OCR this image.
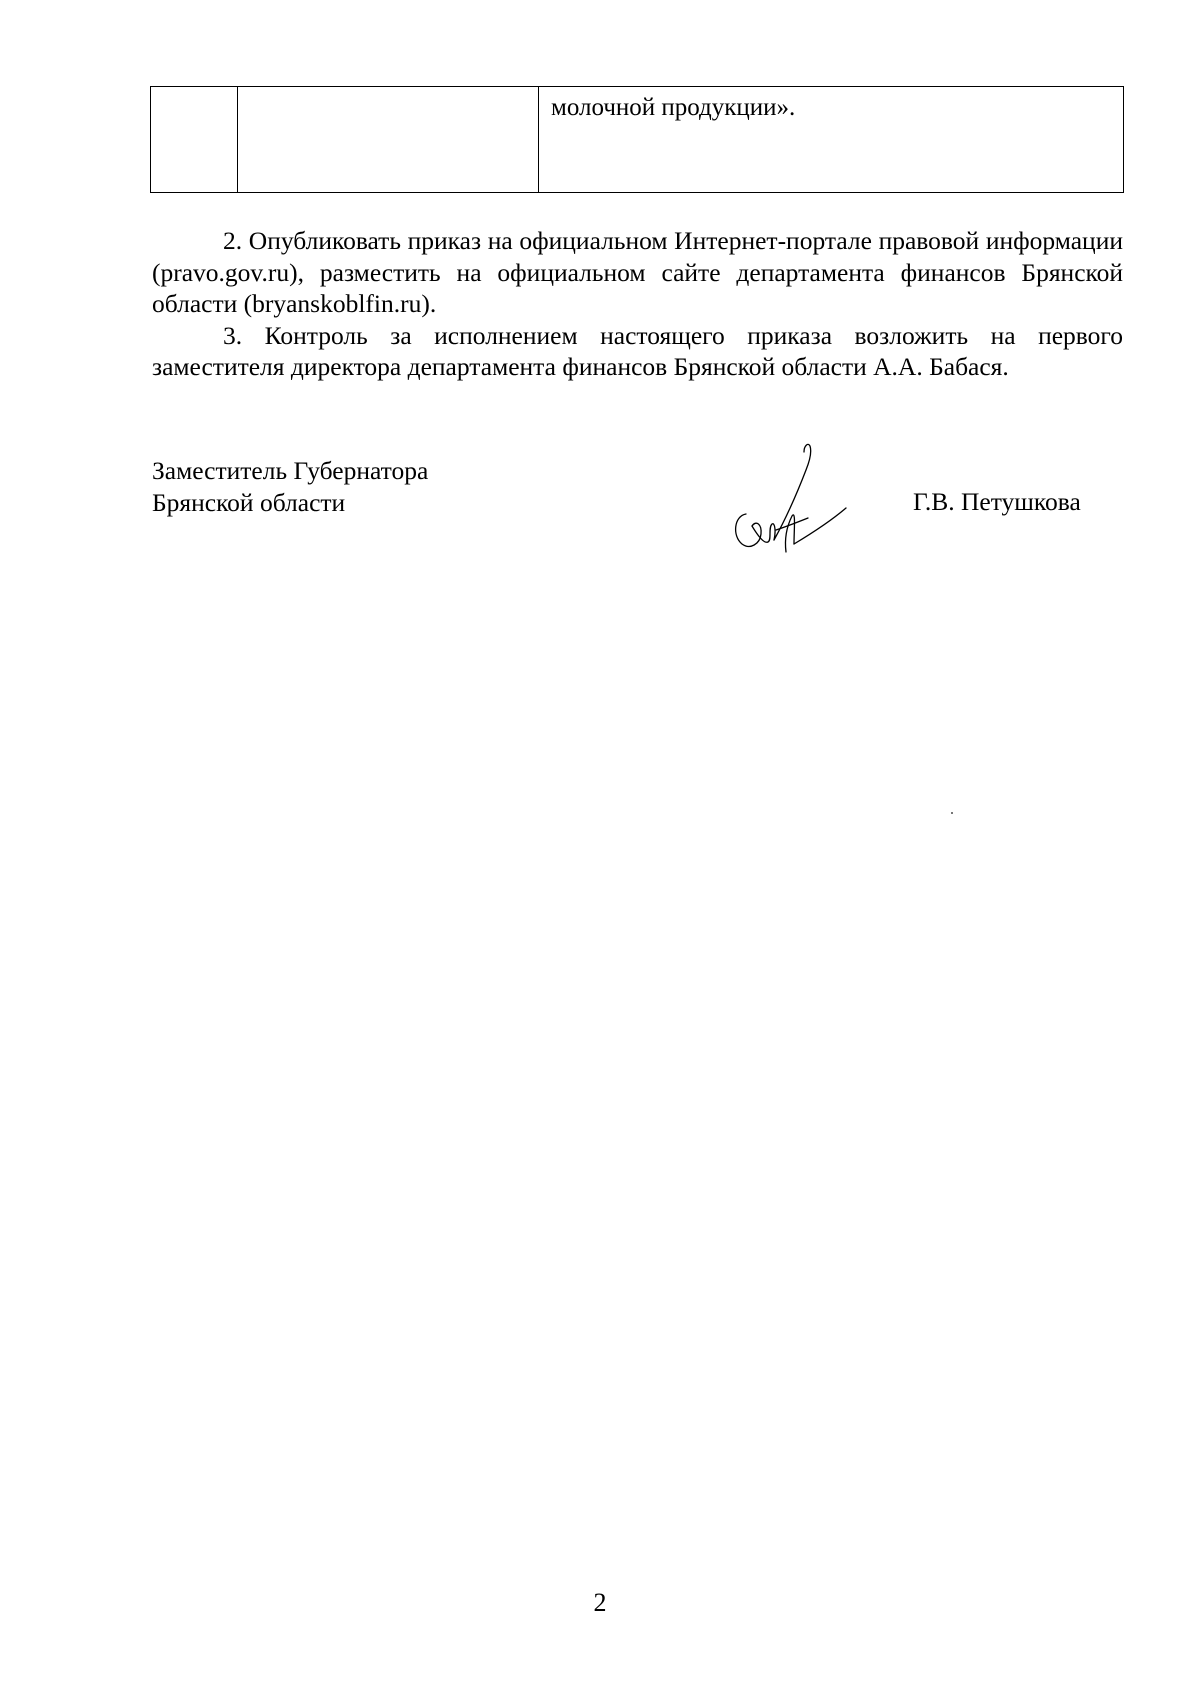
		молочной продукции».

2. Опубликовать приказ на официальном Интернет-портале правовой информации (pravo.gov.ru), разместить на официальном сайте департамента финансов Брянской области (bryanskoblfin.ru).

3. Контроль за исполнением настоящего приказа возложить на первого заместителя директора департамента финансов Брянской области А.А. Бабася.

Заместитель Губернатора
Брянской области	Г.В. Петушкова
2
